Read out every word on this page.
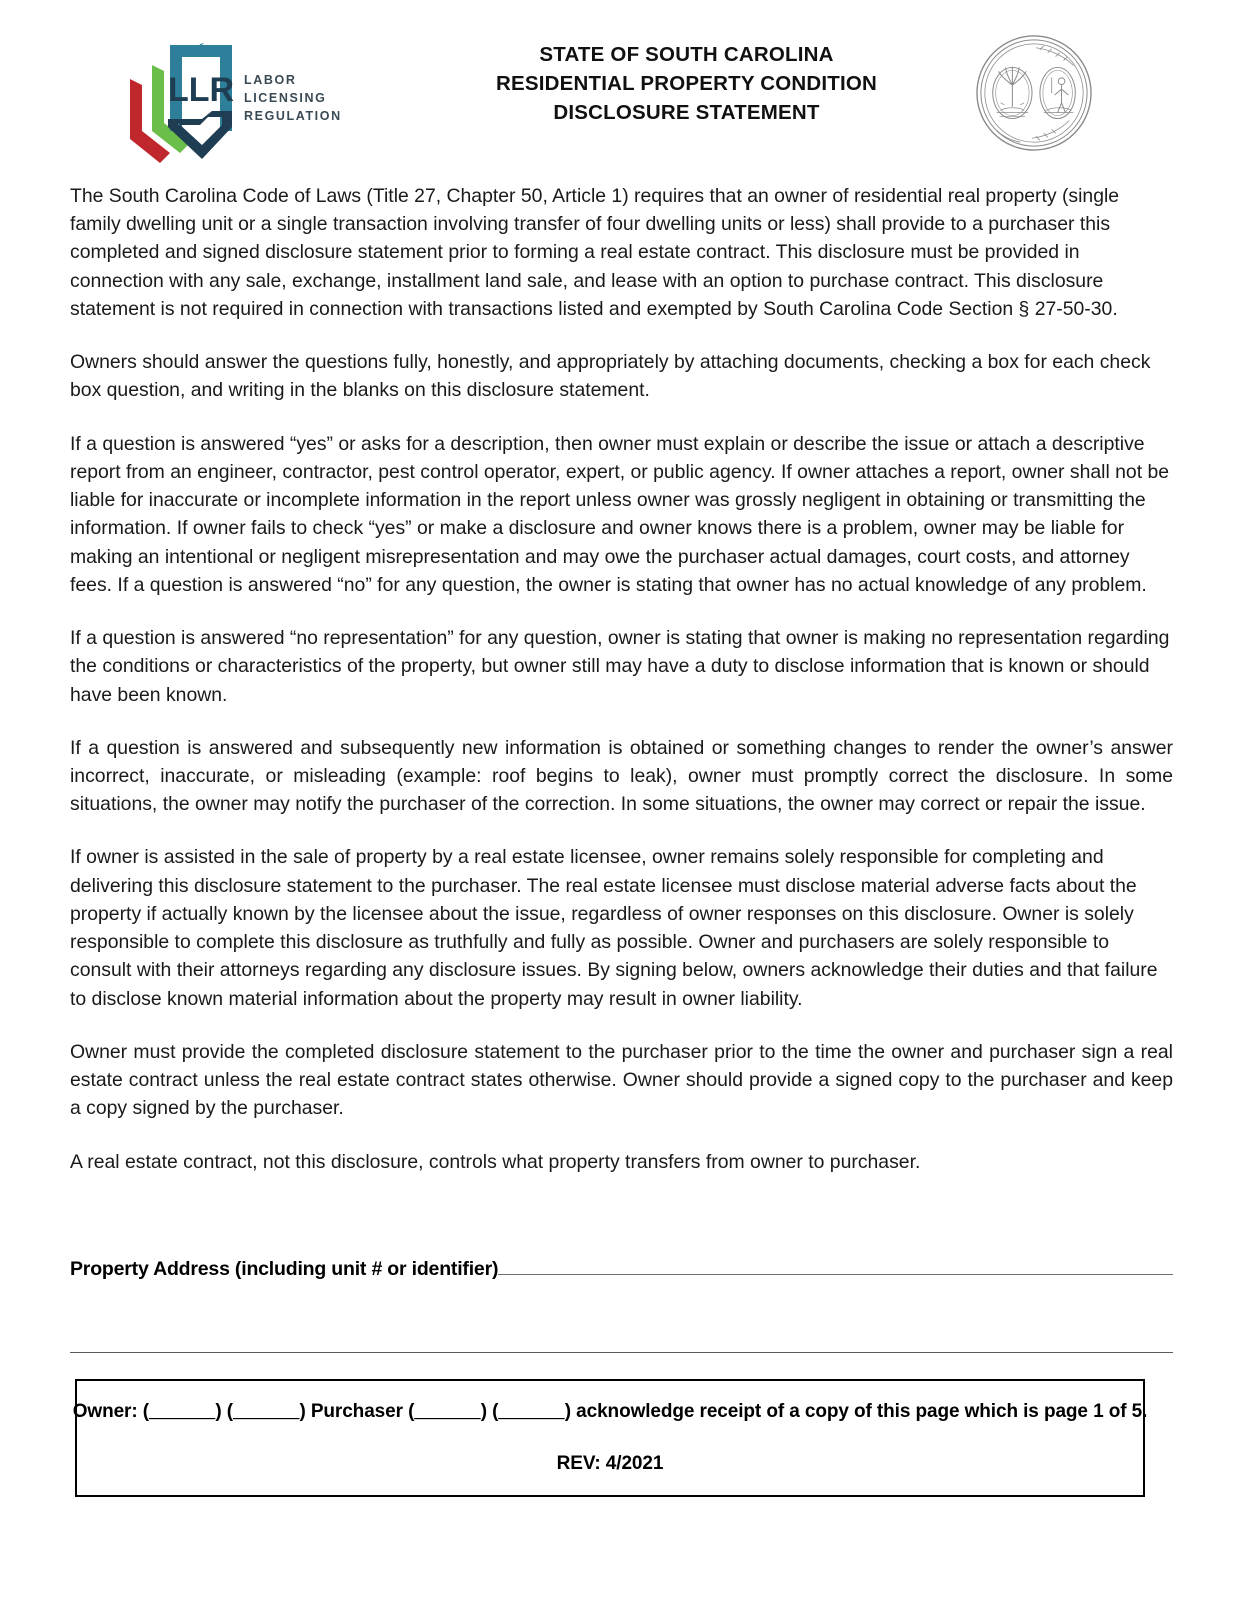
LLR LABOR
LICENSING
REGULATION
STATE OF SOUTH CAROLINA
RESIDENTIAL PROPERTY CONDITION
DISCLOSURE STATEMENT

The South Carolina Code of Laws (Title 27, Chapter 50, Article 1) requires that an owner of residential real property (single family dwelling unit or a single transaction involving transfer of four dwelling units or less) shall provide to a purchaser this completed and signed disclosure statement prior to forming a real estate contract. This disclosure must be provided in connection with any sale, exchange, installment land sale, and lease with an option to purchase contract. This disclosure statement is not required in connection with transactions listed and exempted by South Carolina Code Section § 27-50-30.

Owners should answer the questions fully, honestly, and appropriately by attaching documents, checking a box for each check box question, and writing in the blanks on this disclosure statement.

If a question is answered “yes” or asks for a description, then owner must explain or describe the issue or attach a descriptive report from an engineer, contractor, pest control operator, expert, or public agency. If owner attaches a report, owner shall not be liable for inaccurate or incomplete information in the report unless owner was grossly negligent in obtaining or transmitting the information. If owner fails to check “yes” or make a disclosure and owner knows there is a problem, owner may be liable for making an intentional or negligent misrepresentation and may owe the purchaser actual damages, court costs, and attorney fees. If a question is answered “no” for any question, the owner is stating that owner has no actual knowledge of any problem.

If a question is answered “no representation” for any question, owner is stating that owner is making no representation regarding the conditions or characteristics of the property, but owner still may have a duty to disclose information that is known or should have been known.

If a question is answered and subsequently new information is obtained or something changes to render the owner’s answer incorrect, inaccurate, or misleading (example: roof begins to leak), owner must promptly correct the disclosure. In some situations, the owner may notify the purchaser of the correction. In some situations, the owner may correct or repair the issue.

If owner is assisted in the sale of property by a real estate licensee, owner remains solely responsible for completing and delivering this disclosure statement to the purchaser. The real estate licensee must disclose material adverse facts about the property if actually known by the licensee about the issue, regardless of owner responses on this disclosure. Owner is solely responsible to complete this disclosure as truthfully and fully as possible. Owner and purchasers are solely responsible to consult with their attorneys regarding any disclosure issues. By signing below, owners acknowledge their duties and that failure to disclose known material information about the property may result in owner liability.

Owner must provide the completed disclosure statement to the purchaser prior to the time the owner and purchaser sign a real estate contract unless the real estate contract states otherwise. Owner should provide a signed copy to the purchaser and keep a copy signed by the purchaser.

A real estate contract, not this disclosure, controls what property transfers from owner to purchaser.

Property Address (including unit # or identifier)
Owner: (______) (______) Purchaser (______) (______) acknowledge receipt of a copy of this page which is page 1 of 5.
REV: 4/2021
